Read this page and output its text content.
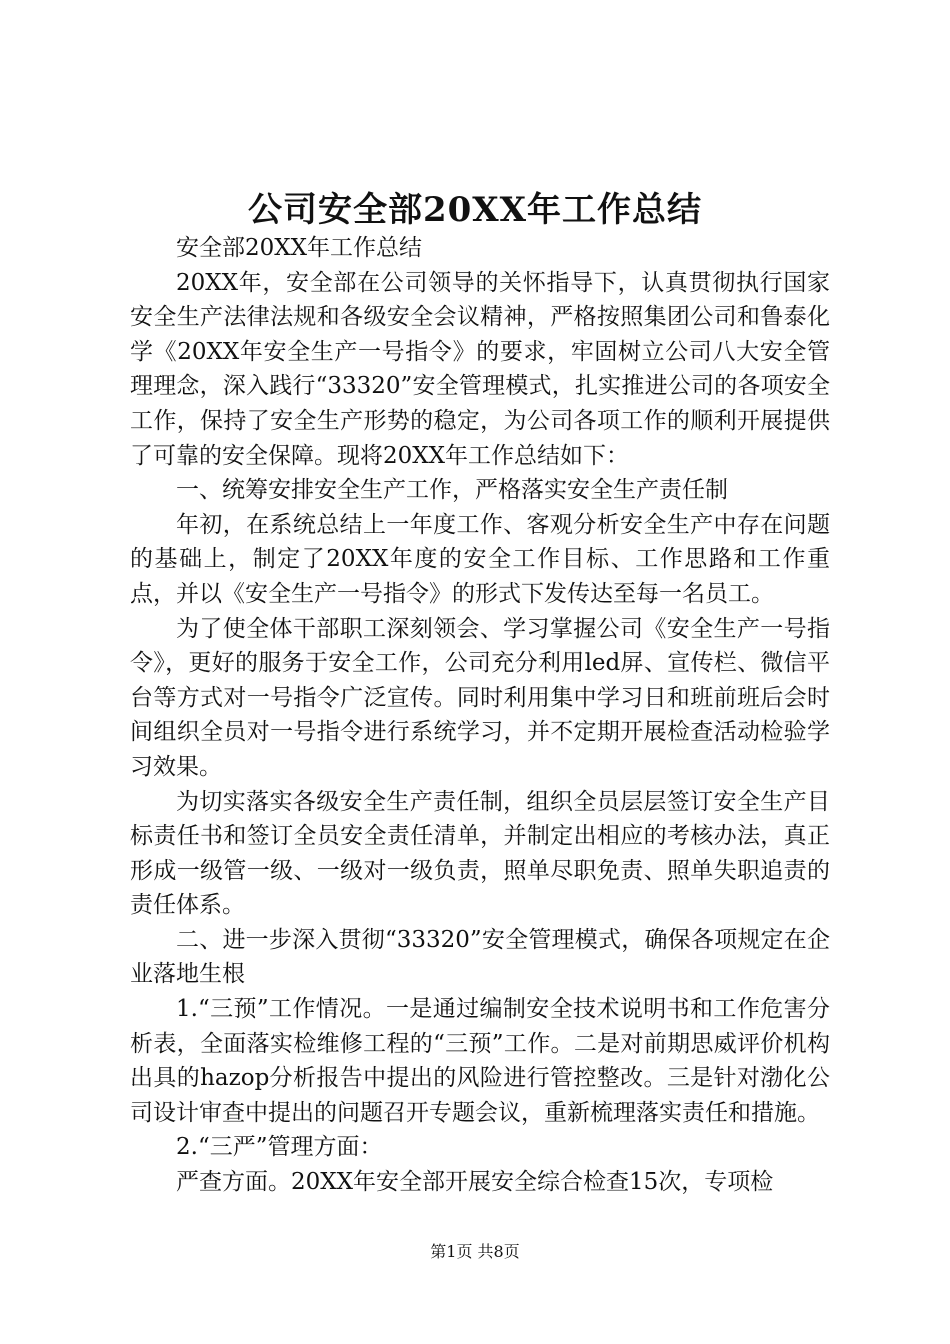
公司安全部20XX年工作总结

安全部20XX年工作总结

20XX年，安全部在公司领导的关怀指导下，认真贯彻执行国家安全生产法律法规和各级安全会议精神，严格按照集团公司和鲁泰化学《20XX年安全生产一号指令》的要求，牢固树立公司八大安全管理理念，深入践行“33320”安全管理模式，扎实推进公司的各项安全工作，保持了安全生产形势的稳定，为公司各项工作的顺利开展提供了可靠的安全保障。现将20XX年工作总结如下：

一、统筹安排安全生产工作，严格落实安全生产责任制

年初，在系统总结上一年度工作、客观分析安全生产中存在问题的基础上，制定了20XX年度的安全工作目标、工作思路和工作重点，并以《安全生产一号指令》的形式下发传达至每一名员工。

为了使全体干部职工深刻领会、学习掌握公司《安全生产一号指令》，更好的服务于安全工作，公司充分利用led屏、宣传栏、微信平台等方式对一号指令广泛宣传。同时利用集中学习日和班前班后会时间组织全员对一号指令进行系统学习，并不定期开展检查活动检验学习效果。

为切实落实各级安全生产责任制，组织全员层层签订安全生产目标责任书和签订全员安全责任清单，并制定出相应的考核办法，真正形成一级管一级、一级对一级负责，照单尽职免责、照单失职追责的责任体系。

二、进一步深入贯彻“33320”安全管理模式，确保各项规定在企业落地生根

1.“三预”工作情况。一是通过编制安全技术说明书和工作危害分析表，全面落实检维修工程的“三预”工作。二是对前期思威评价机构出具的hazop分析报告中提出的风险进行管控整改。三是针对渤化公司设计审查中提出的问题召开专题会议，重新梳理落实责任和措施。

2.“三严”管理方面：

严查方面。20XX年安全部开展安全综合检查15次，专项检

第1页 共8页
